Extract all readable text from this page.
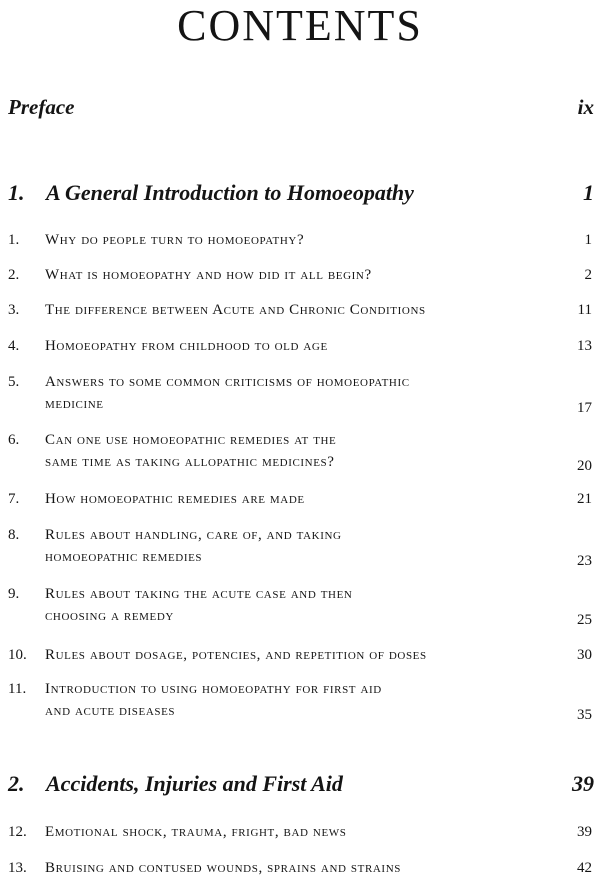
CONTENTS
Preface	ix
1. A General Introduction to Homoeopathy	1
1. Why do people turn to homoeopathy?	1
2. What is homoeopathy and how did it all begin?	2
3. The difference between Acute and Chronic Conditions	11
4. Homoeopathy from childhood to old age	13
5. Answers to some common criticisms of homoeopathic
medicine	17
6. Can one use homoeopathic remedies at the
same time as taking allopathic medicines?	20
7. How homoeopathic remedies are made	21
8. Rules about handling, care of, and taking
homoeopathic remedies	23
9. Rules about taking the acute case and then
choosing a remedy	25
10. Rules about dosage, potencies, and repetition of doses	30
11. Introduction to using homoeopathy for first aid
and acute diseases	35
2. Accidents, Injuries and First Aid	39
12. Emotional shock, trauma, fright, bad news	39
13. Bruising and contused wounds, sprains and strains	42
